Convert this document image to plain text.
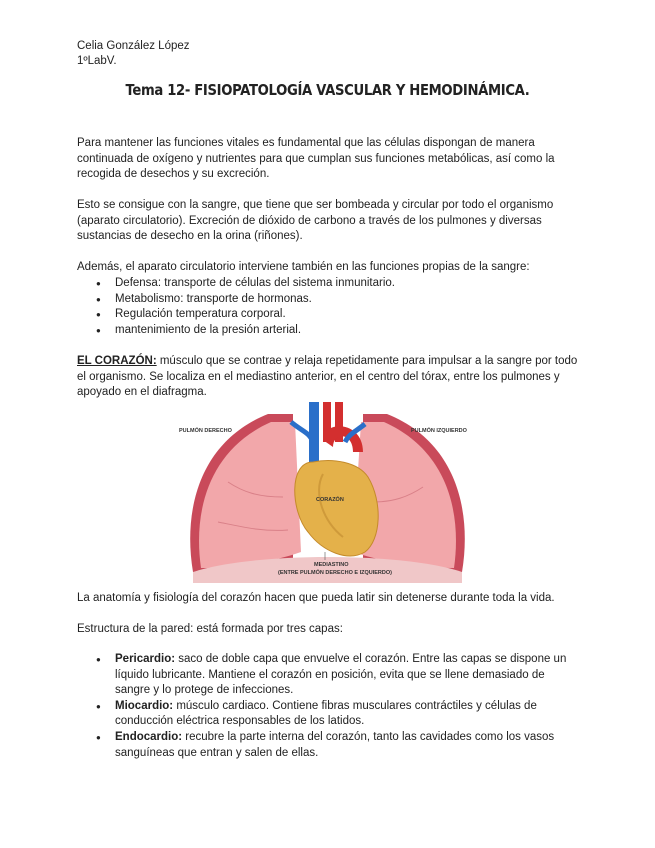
Celia González López
1ºLabV.
Tema 12- FISIOPATOLOGÍA VASCULAR Y HEMODINÁMICA.

Para mantener las funciones vitales es fundamental que las células dispongan de manera continuada de oxígeno y nutrientes para que cumplan sus funciones metabólicas, así como la recogida de desechos y su excreción.

Esto se consigue con la sangre, que tiene que ser bombeada y circular por todo el organismo (aparato circulatorio). Excreción de dióxido de carbono a través de los pulmones y diversas sustancias de desecho en la orina (riñones).

Además, el aparato circulatorio interviene también en las funciones propias de la sangre:

● Defensa: transporte de células del sistema inmunitario.
● Metabolismo: transporte de hormonas.
● Regulación temperatura corporal.
● mantenimiento de la presión arterial.

EL CORAZÓN: músculo que se contrae y relaja repetidamente para impulsar a la sangre por todo el organismo. Se localiza en el mediastino anterior, en el centro del tórax, entre los pulmones y apoyado en el diafragma.

PULMÓN DERECHO	PULMÓN IZQUIERDO
CORAZÓN
MEDIASTINO
(ENTRE PULMÓN DERECHO E IZQUIERDO)

La anatomía y fisiología del corazón hacen que pueda latir sin detenerse durante toda la vida.

Estructura de la pared: está formada por tres capas:

● Pericardio: saco de doble capa que envuelve el corazón. Entre las capas se dispone un líquido lubricante. Mantiene el corazón en posición, evita que se llene demasiado de sangre y lo protege de infecciones.
● Miocardio: músculo cardiaco. Contiene fibras musculares contráctiles y células de conducción eléctrica responsables de los latidos.
● Endocardio: recubre la parte interna del corazón, tanto las cavidades como los vasos sanguíneas que entran y salen de ellas.
